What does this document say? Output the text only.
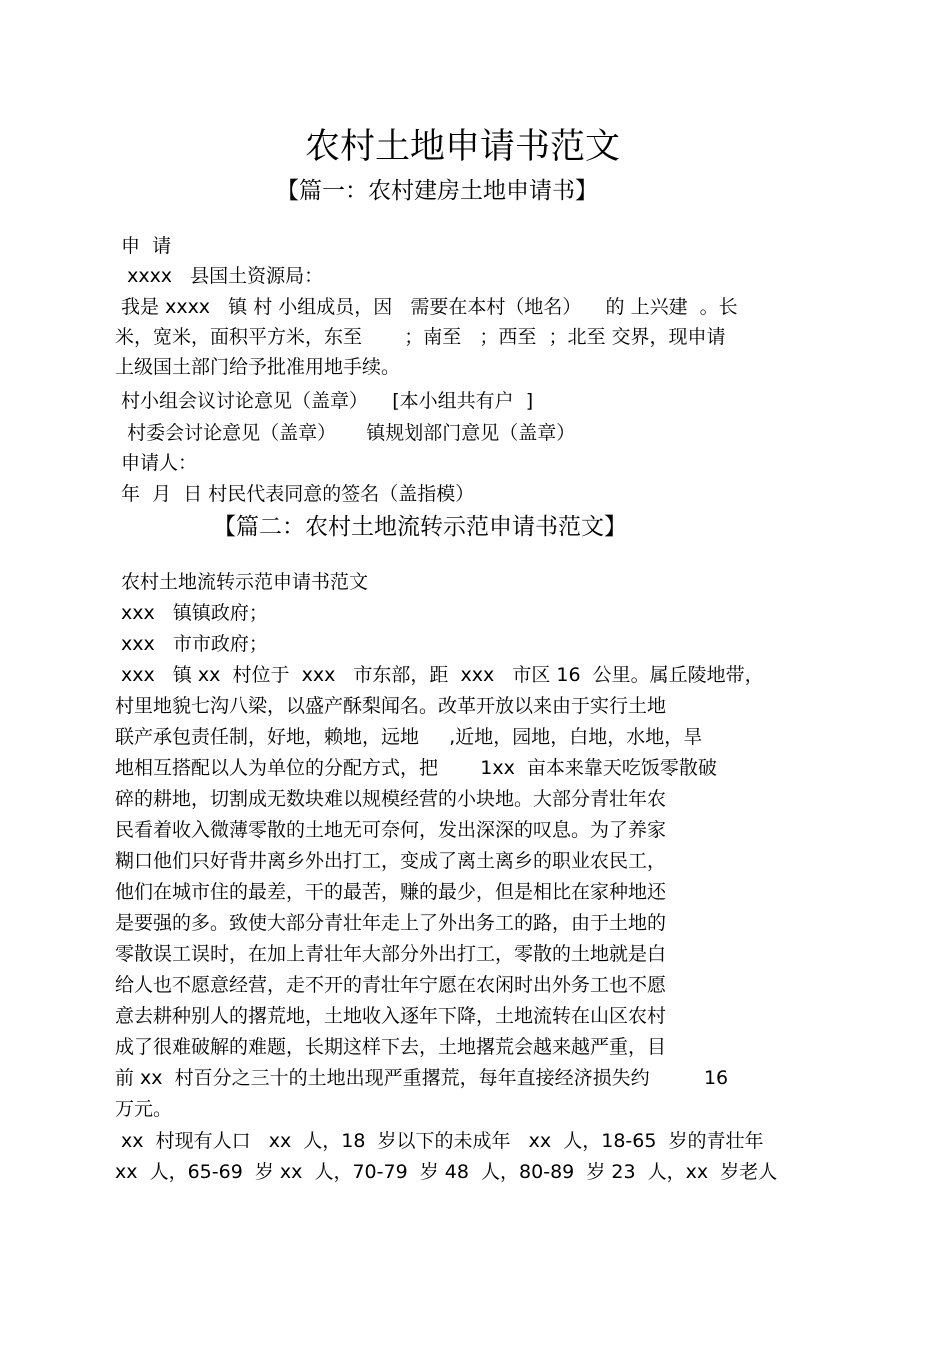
农村土地申请书范文
【篇一：农村建房土地申请书】
申  请
xxxx   县国土资源局：
我是 xxxx   镇 村 小组成员，因   需要在本村（地名）    的 上兴建  。长
米，宽米，面积平方米，东至       ；南至   ；西至  ；北至 交界，现申请
上级国土部门给予批准用地手续。
村小组会议讨论意见（盖章）    [本小组共有户  ]
村委会讨论意见（盖章）     镇规划部门意见（盖章）
申请人：
年  月  日 村民代表同意的签名（盖指模）
【篇二：农村土地流转示范申请书范文】
农村土地流转示范申请书范文
xxx   镇镇政府；
xxx   市市政府；
xxx   镇 xx  村位于  xxx   市东部，距  xxx   市区 16  公里。属丘陵地带，
村里地貌七沟八梁，以盛产酥梨闻名。改革开放以来由于实行土地
联产承包责任制，好地，赖地，远地     ,近地，园地，白地，水地，旱
地相互搭配以人为单位的分配方式，把       1xx  亩本来靠天吃饭零散破
碎的耕地，切割成无数块难以规模经营的小块地。大部分青壮年农
民看着收入微薄零散的土地无可奈何，发出深深的叹息。为了养家
糊口他们只好背井离乡外出打工，变成了离土离乡的职业农民工，
他们在城市住的最差，干的最苦，赚的最少，但是相比在家种地还
是要强的多。致使大部分青壮年走上了外出务工的路，由于土地的
零散误工误时，在加上青壮年大部分外出打工，零散的土地就是白
给人也不愿意经营，走不开的青壮年宁愿在农闲时出外务工也不愿
意去耕种别人的撂荒地，土地收入逐年下降，土地流转在山区农村
成了很难破解的难题，长期这样下去，土地撂荒会越来越严重，目
前 xx  村百分之三十的土地出现严重撂荒，每年直接经济损失约         16
万元。
xx  村现有人口   xx  人，18  岁以下的未成年   xx  人，18-65  岁的青壮年
xx  人，65-69  岁 xx  人，70-79  岁 48  人，80-89  岁 23  人，xx  岁老人
